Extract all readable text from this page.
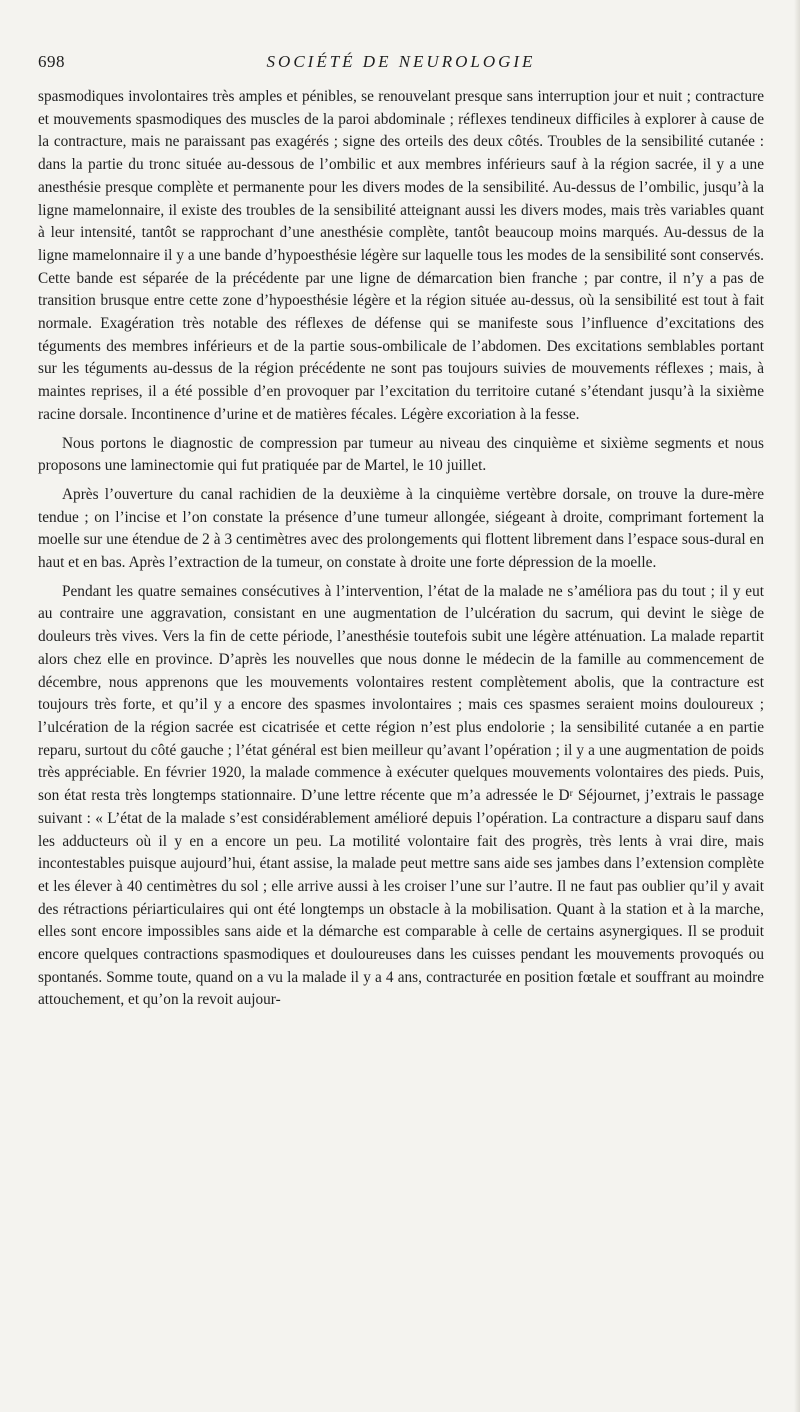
698	SOCIÉTÉ DE NEUROLOGIE

spasmodiques involontaires très amples et pénibles, se renouvelant presque sans interruption jour et nuit ; contracture et mouvements spasmodiques des muscles de la paroi abdominale ; réflexes tendineux difficiles à explorer à cause de la contracture, mais ne paraissant pas exagérés ; signe des orteils des deux côtés. Troubles de la sensibilité cutanée : dans la partie du tronc située au-dessous de l’ombilic et aux membres inférieurs sauf à la région sacrée, il y a une anesthésie presque complète et permanente pour les divers modes de la sensibilité. Au-dessus de l’ombilic, jusqu’à la ligne mamelonnaire, il existe des troubles de la sensibilité atteignant aussi les divers modes, mais très variables quant à leur intensité, tantôt se rapprochant d’une anesthésie complète, tantôt beaucoup moins marqués. Au-dessus de la ligne mamelonnaire il y a une bande d’hypoesthésie légère sur laquelle tous les modes de la sensibilité sont conservés. Cette bande est séparée de la précédente par une ligne de démarcation bien franche ; par contre, il n’y a pas de transition brusque entre cette zone d’hypoesthésie légère et la région située au-dessus, où la sensibilité est tout à fait normale. Exagération très notable des réflexes de défense qui se manifeste sous l’influence d’excitations des téguments des membres inférieurs et de la partie sous-ombilicale de l’abdomen. Des excitations semblables portant sur les téguments au-dessus de la région précédente ne sont pas toujours suivies de mouvements réflexes ; mais, à maintes reprises, il a été possible d’en provoquer par l’excitation du territoire cutané s’étendant jusqu’à la sixième racine dorsale. Incontinence d’urine et de matières fécales. Légère excoriation à la fesse.

Nous portons le diagnostic de compression par tumeur au niveau des cinquième et sixième segments et nous proposons une laminectomie qui fut pratiquée par de Martel, le 10 juillet.

Après l’ouverture du canal rachidien de la deuxième à la cinquième vertèbre dorsale, on trouve la dure-mère tendue ; on l’incise et l’on constate la présence d’une tumeur allongée, siégeant à droite, comprimant fortement la moelle sur une étendue de 2 à 3 centimètres avec des prolongements qui flottent librement dans l’espace sous-dural en haut et en bas. Après l’extraction de la tumeur, on constate à droite une forte dépression de la moelle.

Pendant les quatre semaines consécutives à l’intervention, l’état de la malade ne s’améliora pas du tout ; il y eut au contraire une aggravation, consistant en une augmentation de l’ulcération du sacrum, qui devint le siège de douleurs très vives. Vers la fin de cette période, l’anesthésie toutefois subit une légère atténuation. La malade repartit alors chez elle en province. D’après les nouvelles que nous donne le médecin de la famille au commencement de décembre, nous apprenons que les mouvements volontaires restent complètement abolis, que la contracture est toujours très forte, et qu’il y a encore des spasmes involontaires ; mais ces spasmes seraient moins douloureux ; l’ulcération de la région sacrée est cicatrisée et cette région n’est plus endolorie ; la sensibilité cutanée a en partie reparu, surtout du côté gauche ; l’état général est bien meilleur qu’avant l’opération ; il y a une augmentation de poids très appréciable. En février 1920, la malade commence à exécuter quelques mouvements volontaires des pieds. Puis, son état resta très longtemps stationnaire. D’une lettre récente que m’a adressée le Dʳ Séjournet, j’extrais le passage suivant : « L’état de la malade s’est considérablement amélioré depuis l’opération. La contracture a disparu sauf dans les adducteurs où il y en a encore un peu. La motilité volontaire fait des progrès, très lents à vrai dire, mais incontestables puisque aujourd’hui, étant assise, la malade peut mettre sans aide ses jambes dans l’extension complète et les élever à 40 centimètres du sol ; elle arrive aussi à les croiser l’une sur l’autre. Il ne faut pas oublier qu’il y avait des rétractions périarticulaires qui ont été longtemps un obstacle à la mobilisation. Quant à la station et à la marche, elles sont encore impossibles sans aide et la démarche est comparable à celle de certains asynergiques. Il se produit encore quelques contractions spasmodiques et douloureuses dans les cuisses pendant les mouvements provoqués ou spontanés. Somme toute, quand on a vu la malade il y a 4 ans, contracturée en position fœtale et souffrant au moindre attouchement, et qu’on la revoit aujour-
